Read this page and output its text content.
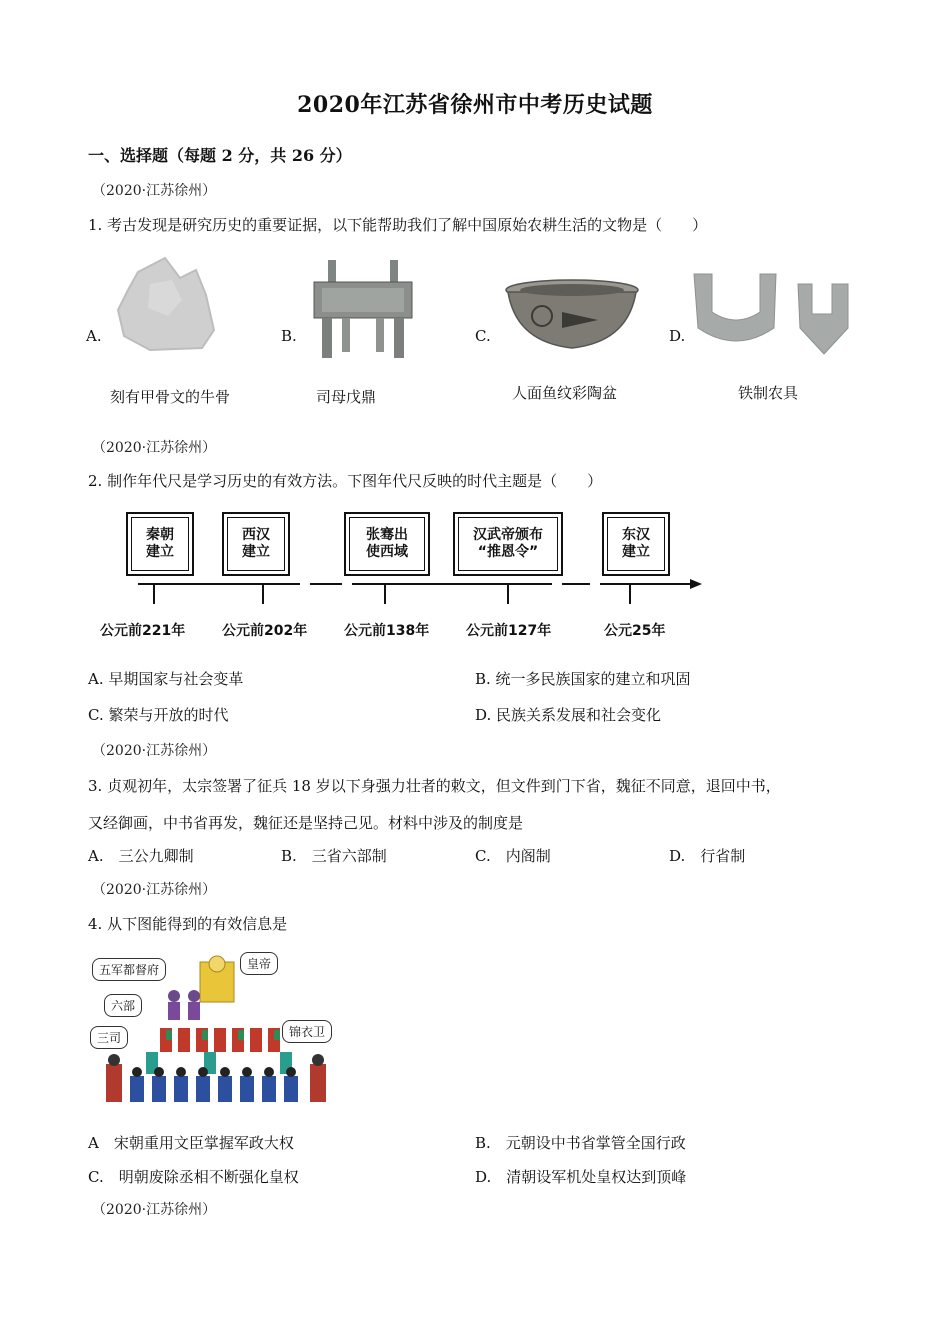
2020年江苏省徐州市中考历史试题
一、选择题（每题 2 分，共 26 分）
（2020·江苏徐州）
1. 考古发现是研究历史的重要证据，以下能帮助我们了解中国原始农耕生活的文物是（　　）
A.
刻有甲骨文的牛骨
B.
司母戊鼎
C.
人面鱼纹彩陶盆
D.
铁制农具
（2020·江苏徐州）
2. 制作年代尺是学习历史的有效方法。下图年代尺反映的时代主题是（　　）
秦朝
建立
西汉
建立
张骞出
使西域
汉武帝颁布
“推恩令”
东汉
建立
公元前221年	公元前202年	公元前138年	公元前127年	公元25年
A. 早期国家与社会变革	B. 统一多民族国家的建立和巩固
C. 繁荣与开放的时代	D. 民族关系发展和社会变化
（2020·江苏徐州）
3. 贞观初年，太宗签署了征兵 18 岁以下身强力壮者的敕文，但文件到门下省，魏征不同意，退回中书，
又经御画，中书省再发，魏征还是坚持己见。材料中涉及的制度是
A.　三公九卿制	B.　三省六部制	C.　内阁制	D.　行省制
（2020·江苏徐州）
4. 从下图能得到的有效信息是
五军都督府	皇帝
六部
三司	锦衣卫
A　宋朝重用文臣掌握军政大权	B.　元朝设中书省掌管全国行政
C.　明朝废除丞相不断强化皇权	D.　清朝设军机处皇权达到顶峰
（2020·江苏徐州）
